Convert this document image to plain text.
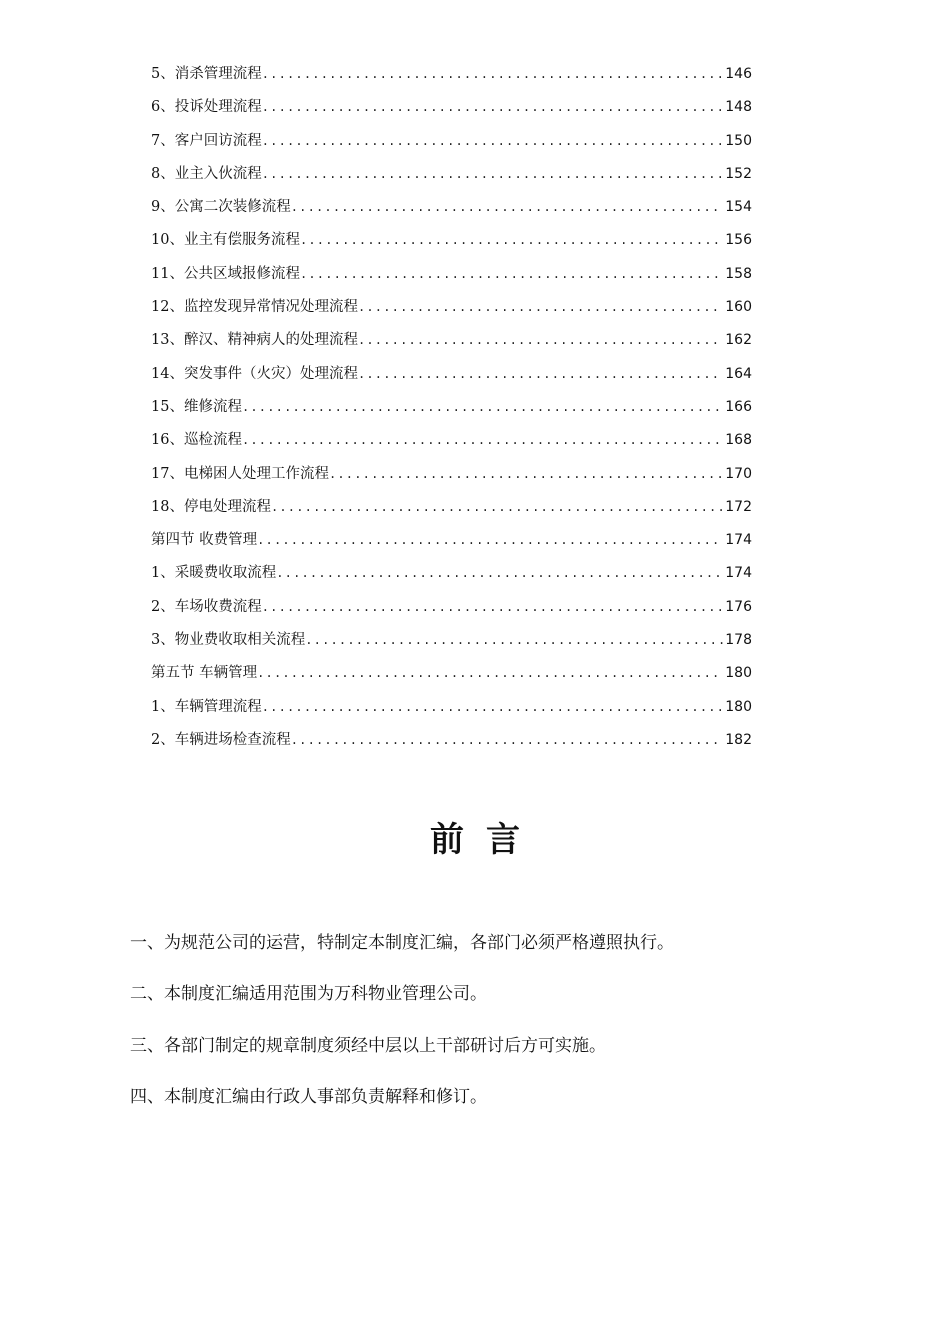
5、消杀管理流程 .....	146
6、投诉处理流程 .....	148
7、客户回访流程 .....	150
8、业主入伙流程 .....	152
9、公寓二次装修流程 .....	154
10、业主有偿服务流程 .....	156
11、公共区域报修流程 .....	158
12、监控发现异常情况处理流程 .....	160
13、醉汉、精神病人的处理流程 .....	162
14、突发事件（火灾）处理流程 .....	164
15、维修流程 .....	166
16、巡检流程 .....	168
17、电梯困人处理工作流程 .....	170
18、停电处理流程 .....	172
第四节 收费管理 .....	174
1、采暖费收取流程 .....	174
2、车场收费流程 .....	176
3、物业费收取相关流程 .....	178
第五节 车辆管理 .....	180
1、车辆管理流程 .....	180
2、车辆进场检查流程 .....	182
前言
一、为规范公司的运营，特制定本制度汇编，各部门必须严格遵照执行。
二、本制度汇编适用范围为万科物业管理公司。
三、各部门制定的规章制度须经中层以上干部研讨后方可实施。
四、本制度汇编由行政人事部负责解释和修订。
